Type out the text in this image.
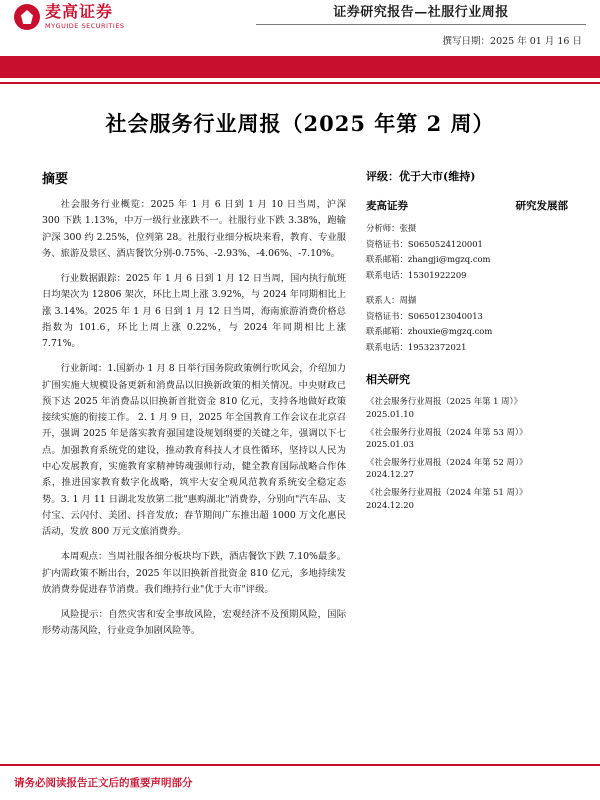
麦高证券
MYGUIDE SECURITIES
证券研究报告—社服行业周报
撰写日期：2025 年 01 月 16 日
社会服务行业周报（2025 年第 2 周）
摘要

社会服务行业概览：2025 年 1 月 6 日到 1 月 10 日当周，沪深 300 下跌 1.13%，中万一级行业涨跌不一。社服行业下跌 3.38%，跑输沪深 300 约 2.25%，位列第 28。社服行业细分板块来看，教育、专业服务、旅游及景区、酒店餐饮分别-0.75%、-2.93%、-4.06%、-7.10%。

行业数据跟踪：2025 年 1 月 6 日到 1 月 12 日当周，国内执行航班日均架次为 12806 架次，环比上周上涨 3.92%，与 2024 年同期相比上涨 3.14%。2025 年 1 月 6 日到 1 月 12 日当周，海南旅游消费价格总指数为 101.6，环比上周上涨 0.22%，与 2024 年同期相比上涨 7.71%。

行业新闻：1.国新办 1 月 8 日举行国务院政策例行吹风会，介绍加力扩围实施大规模设备更新和消费品以旧换新政策的相关情况。中央财政已预下达 2025 年消费品以旧换新首批资金 810 亿元，支持各地做好政策接续实施的衔接工作。 2. 1 月 9 日，2025 年全国教育工作会议在北京召开，强调 2025 年是落实教育强国建设规划纲要的关键之年，强调以下七点。加强教育系统党的建设，推动教育科技人才良性循环，坚持以人民为中心发展教育，实施教育家精神铸魂强师行动，健全教育国际战略合作体系，推进国家教育数字化战略，筑牢大安全观风范教育系统安全稳定态势。3. 1 月 11 日湖北发放第二批"惠购湖北"消费券，分别向"汽车品、支付宝、云闪付、美团、抖音发放；春节期间广东推出超 1000 万文化惠民活动，发放 800 万元文旅消费券。

本周观点：当周社服各细分板块均下跌，酒店餐饮下跌 7.10%最多。扩内需政策不断出台，2025 年以旧换新首批资金 810 亿元，多地持续发放消费券促进春节消费。我们维持行业"优于大市"评级。

风险提示：自然灾害和安全事故风险，宏观经济不及预期风险，国际形势动荡风险，行业竞争加剧风险等。

评级：优于大市(维持)
麦高证券	研究发展部
分析师：张摄
资格证书：S0650524120001
联系邮箱：zhangji@mgzq.com
联系电话：15301922209
联系人：周撷
资格证书：S0650123040013
联系邮箱：zhouxie@mgzq.com
联系电话：19532372021
相关研究
《社会服务行业周报（2025 年第 1 周）》
2025.01.10
《社会服务行业周报（2024 年第 53 周）》
2025.01.03
《社会服务行业周报（2024 年第 52 周）》
2024.12.27
《社会服务行业周报（2024 年第 51 周）》
2024.12.20
请务必阅读报告正文后的重要声明部分
